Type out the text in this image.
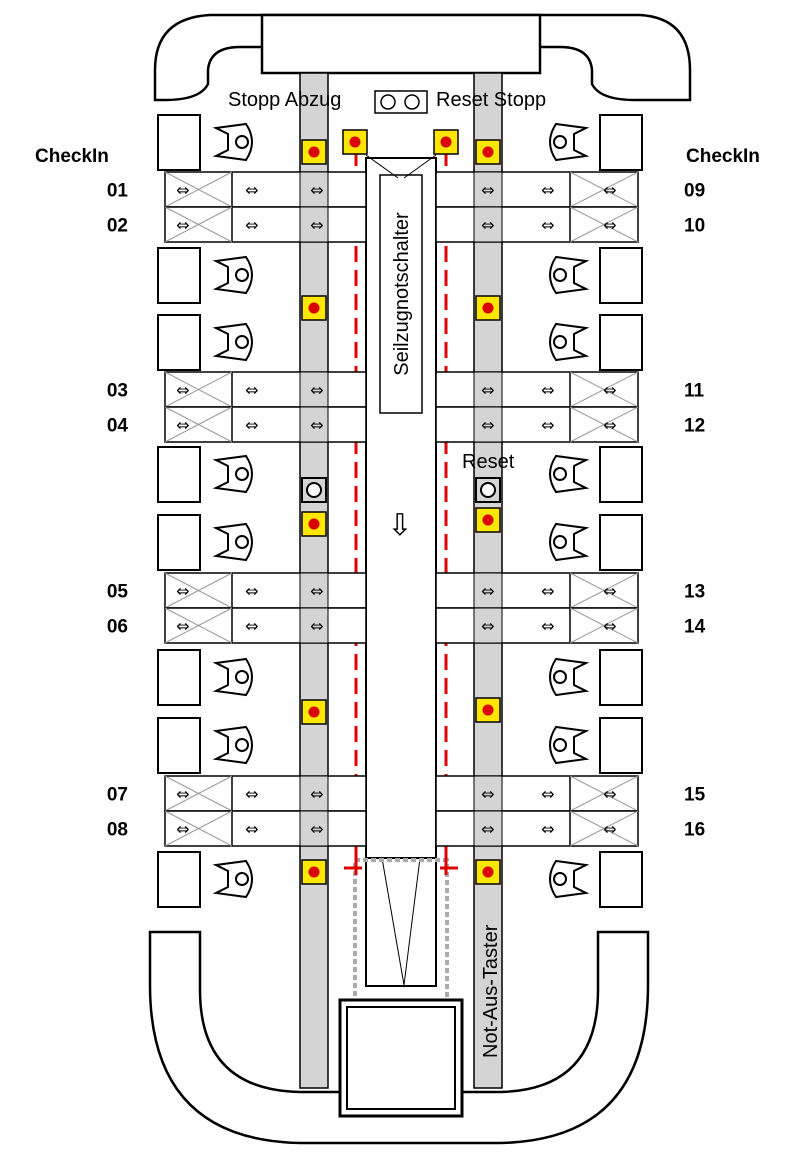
Seilzugnotschalter
⇩
Stopp Abzug	Reset Stopp
CheckIn	CheckIn
Reset
Not-Aus-Taster
⇔	⇔	⇔
01	⇔	⇔	⇔	09
⇔	⇔	⇔
02	⇔	⇔	⇔	10
⇔	⇔	⇔
03	⇔	⇔	⇔	11
⇔	⇔	⇔
04	⇔	⇔	⇔	12
⇔	⇔	⇔
05	⇔	⇔	⇔	13
⇔	⇔	⇔
06	⇔	⇔	⇔	14
⇔	⇔	⇔
07	⇔	⇔	⇔	15
⇔	⇔	⇔
08	⇔	⇔	⇔	16
